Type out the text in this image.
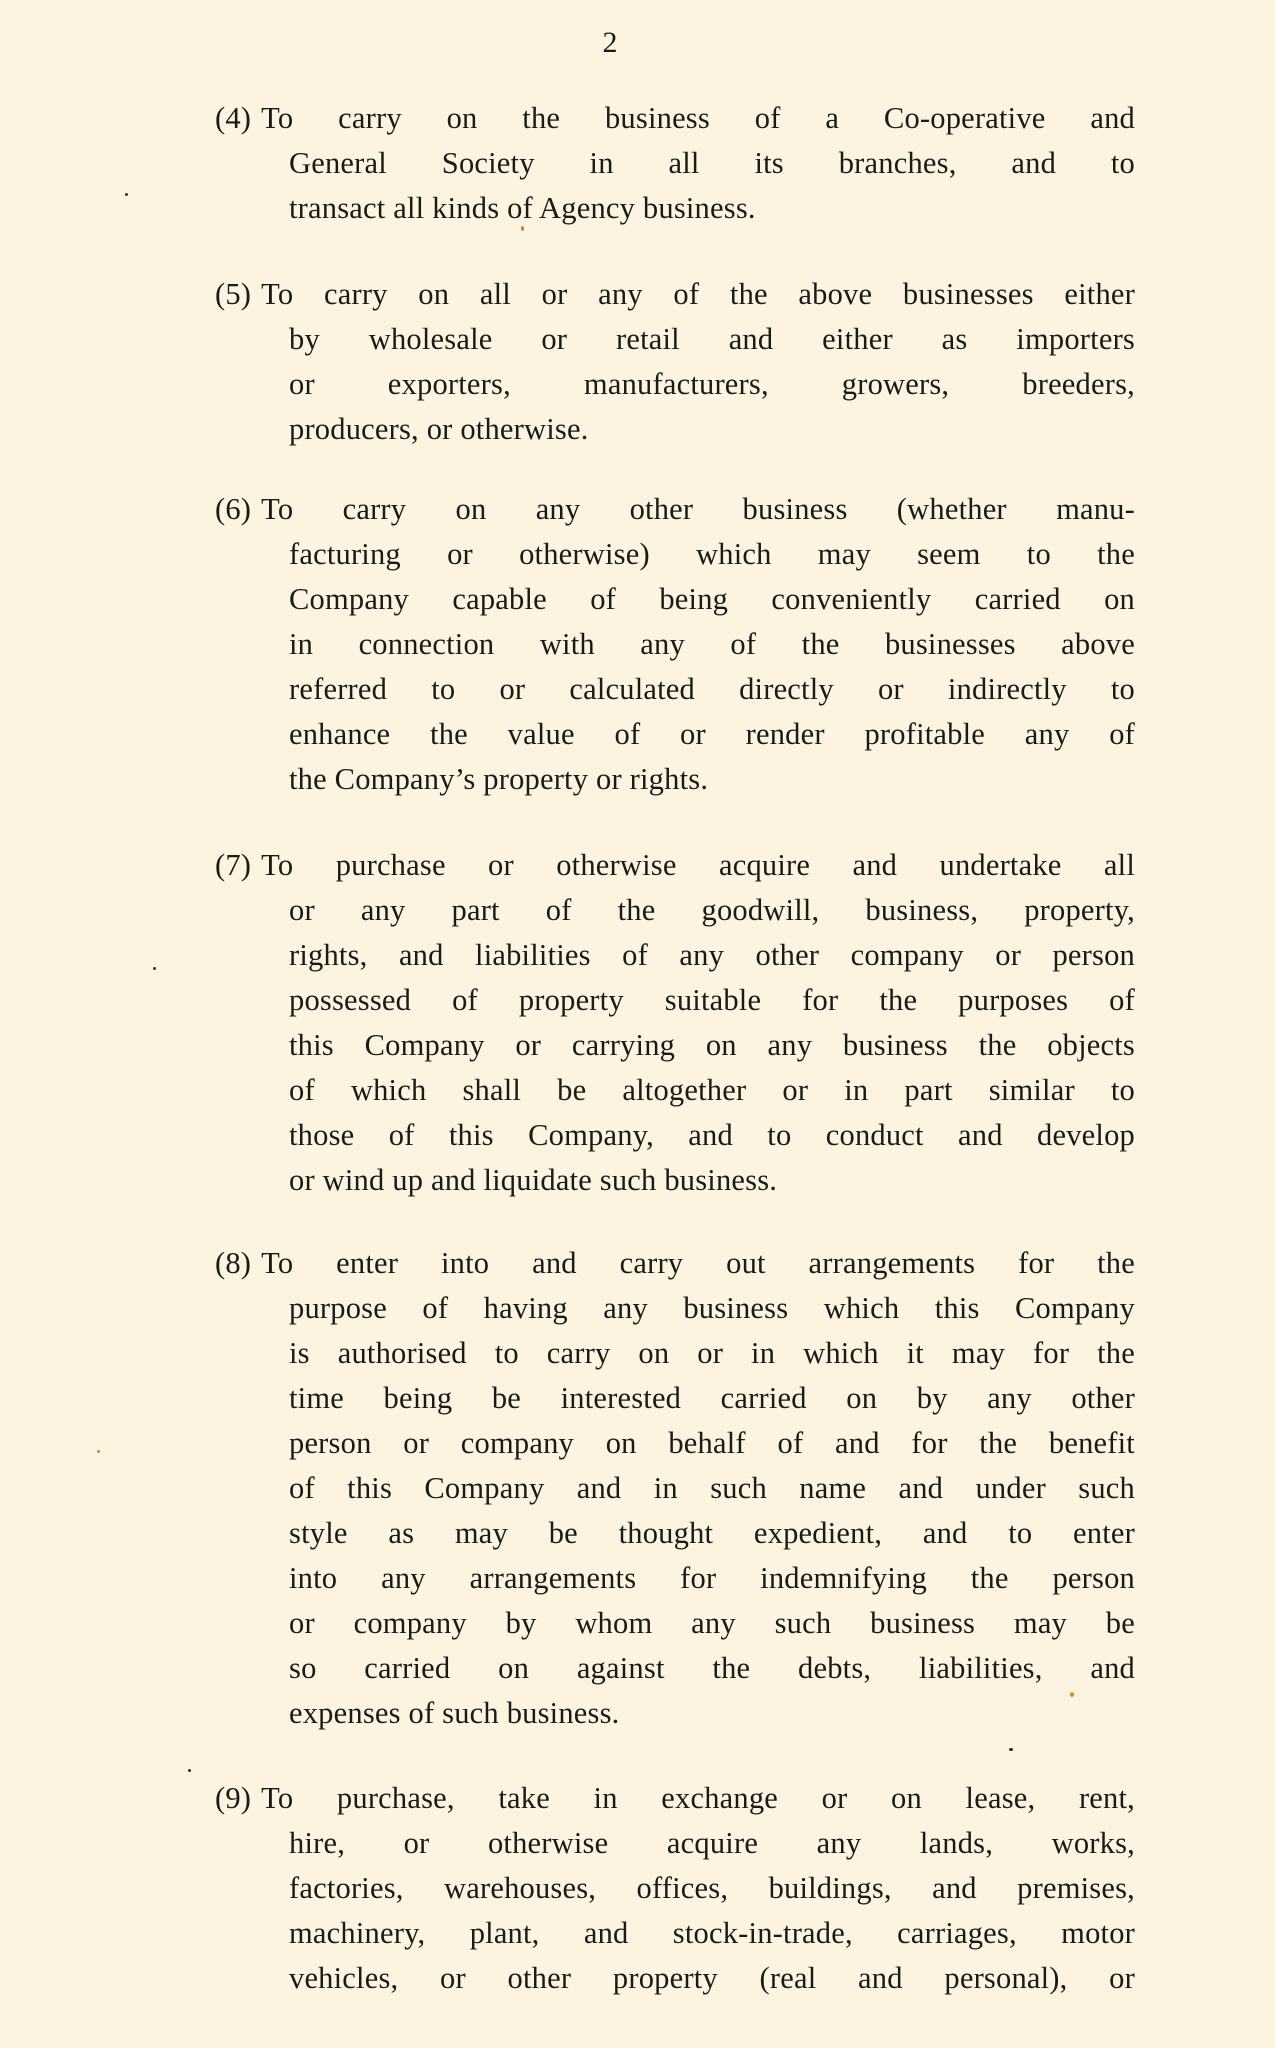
2
(4) To carry on the business of a Co-operative and
General Society in all its branches, and to
transact all kinds of Agency business.
(5) To carry on all or any of the above businesses either
by wholesale or retail and either as importers
or exporters, manufacturers, growers, breeders,
producers, or otherwise.
(6) To carry on any other business (whether manu-
facturing or otherwise) which may seem to the
Company capable of being conveniently carried on
in connection with any of the businesses above
referred to or calculated directly or indirectly to
enhance the value of or render profitable any of
the Company’s property or rights.
(7) To purchase or otherwise acquire and undertake all
or any part of the goodwill, business, property,
rights, and liabilities of any other company or person
possessed of property suitable for the purposes of
this Company or carrying on any business the objects
of which shall be altogether or in part similar to
those of this Company, and to conduct and develop
or wind up and liquidate such business.
(8) To enter into and carry out arrangements for the
purpose of having any business which this Company
is authorised to carry on or in which it may for the
time being be interested carried on by any other
person or company on behalf of and for the benefit
of this Company and in such name and under such
style as may be thought expedient, and to enter
into any arrangements for indemnifying the person
or company by whom any such business may be
so carried on against the debts, liabilities, and
expenses of such business.
(9) To purchase, take in exchange or on lease, rent,
hire, or otherwise acquire any lands, works,
factories, warehouses, offices, buildings, and premises,
machinery, plant, and stock-in-trade, carriages, motor
vehicles, or other property (real and personal), or
